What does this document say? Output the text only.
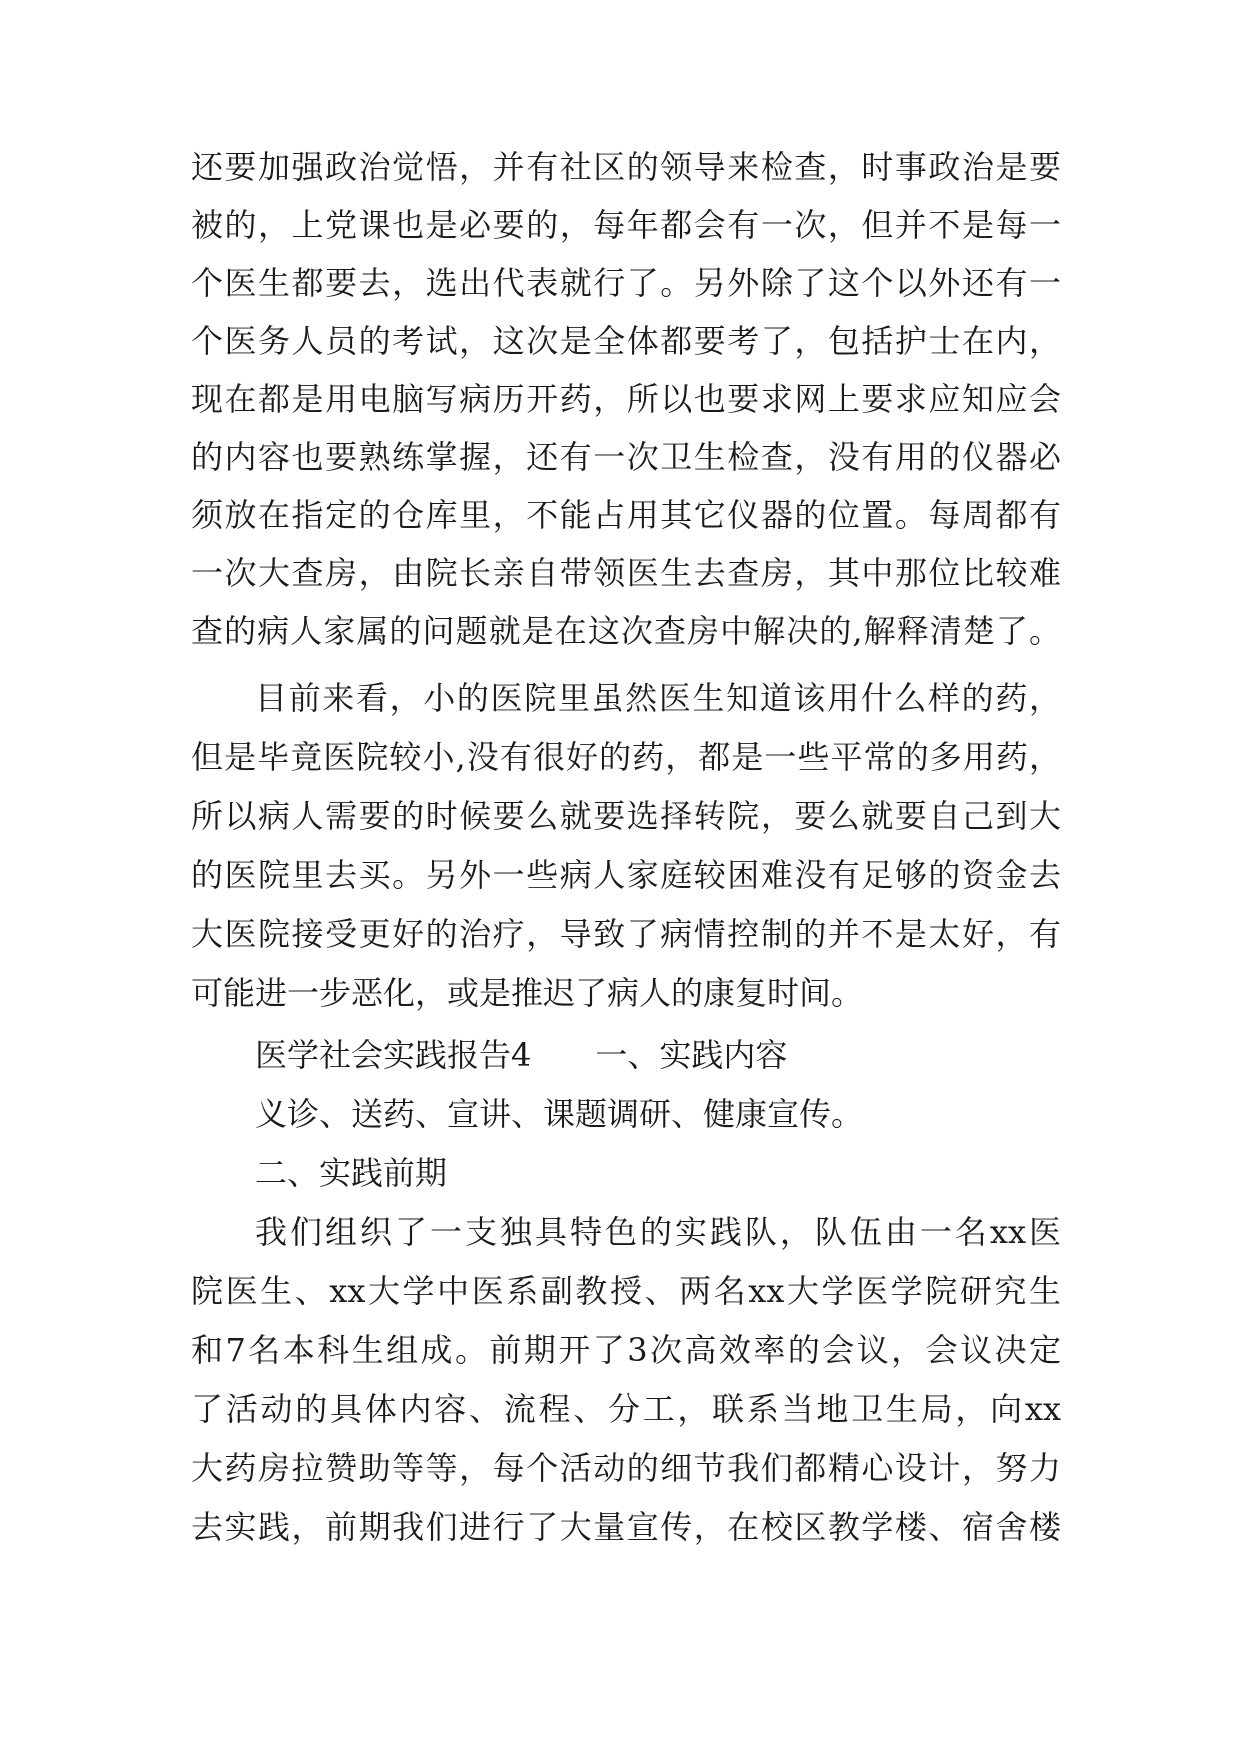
还要加强政治觉悟，并有社区的领导来检查，时事政治是要
被的，上党课也是必要的，每年都会有一次，但并不是每一
个医生都要去，选出代表就行了。另外除了这个以外还有一
个医务人员的考试，这次是全体都要考了，包括护士在内，
现在都是用电脑写病历开药，所以也要求网上要求应知应会
的内容也要熟练掌握，还有一次卫生检查，没有用的仪器必
须放在指定的仓库里，不能占用其它仪器的位置。每周都有
一次大查房，由院长亲自带领医生去查房，其中那位比较难
查的病人家属的问题就是在这次查房中解决的,解释清楚了。
目前来看，小的医院里虽然医生知道该用什么样的药，
但是毕竟医院较小,没有很好的药，都是一些平常的多用药，
所以病人需要的时候要么就要选择转院，要么就要自己到大
的医院里去买。另外一些病人家庭较困难没有足够的资金去
大医院接受更好的治疗，导致了病情控制的并不是太好，有
可能进一步恶化，或是推迟了病人的康复时间。
医学社会实践报告4　　一、实践内容
义诊、送药、宣讲、课题调研、健康宣传。
二、实践前期
我们组织了一支独具特色的实践队，队伍由一名xx医
院医生、xx大学中医系副教授、两名xx大学医学院研究生
和7名本科生组成。前期开了3次高效率的会议，会议决定
了活动的具体内容、流程、分工，联系当地卫生局，向xx
大药房拉赞助等等，每个活动的细节我们都精心设计，努力
去实践，前期我们进行了大量宣传，在校区教学楼、宿舍楼
